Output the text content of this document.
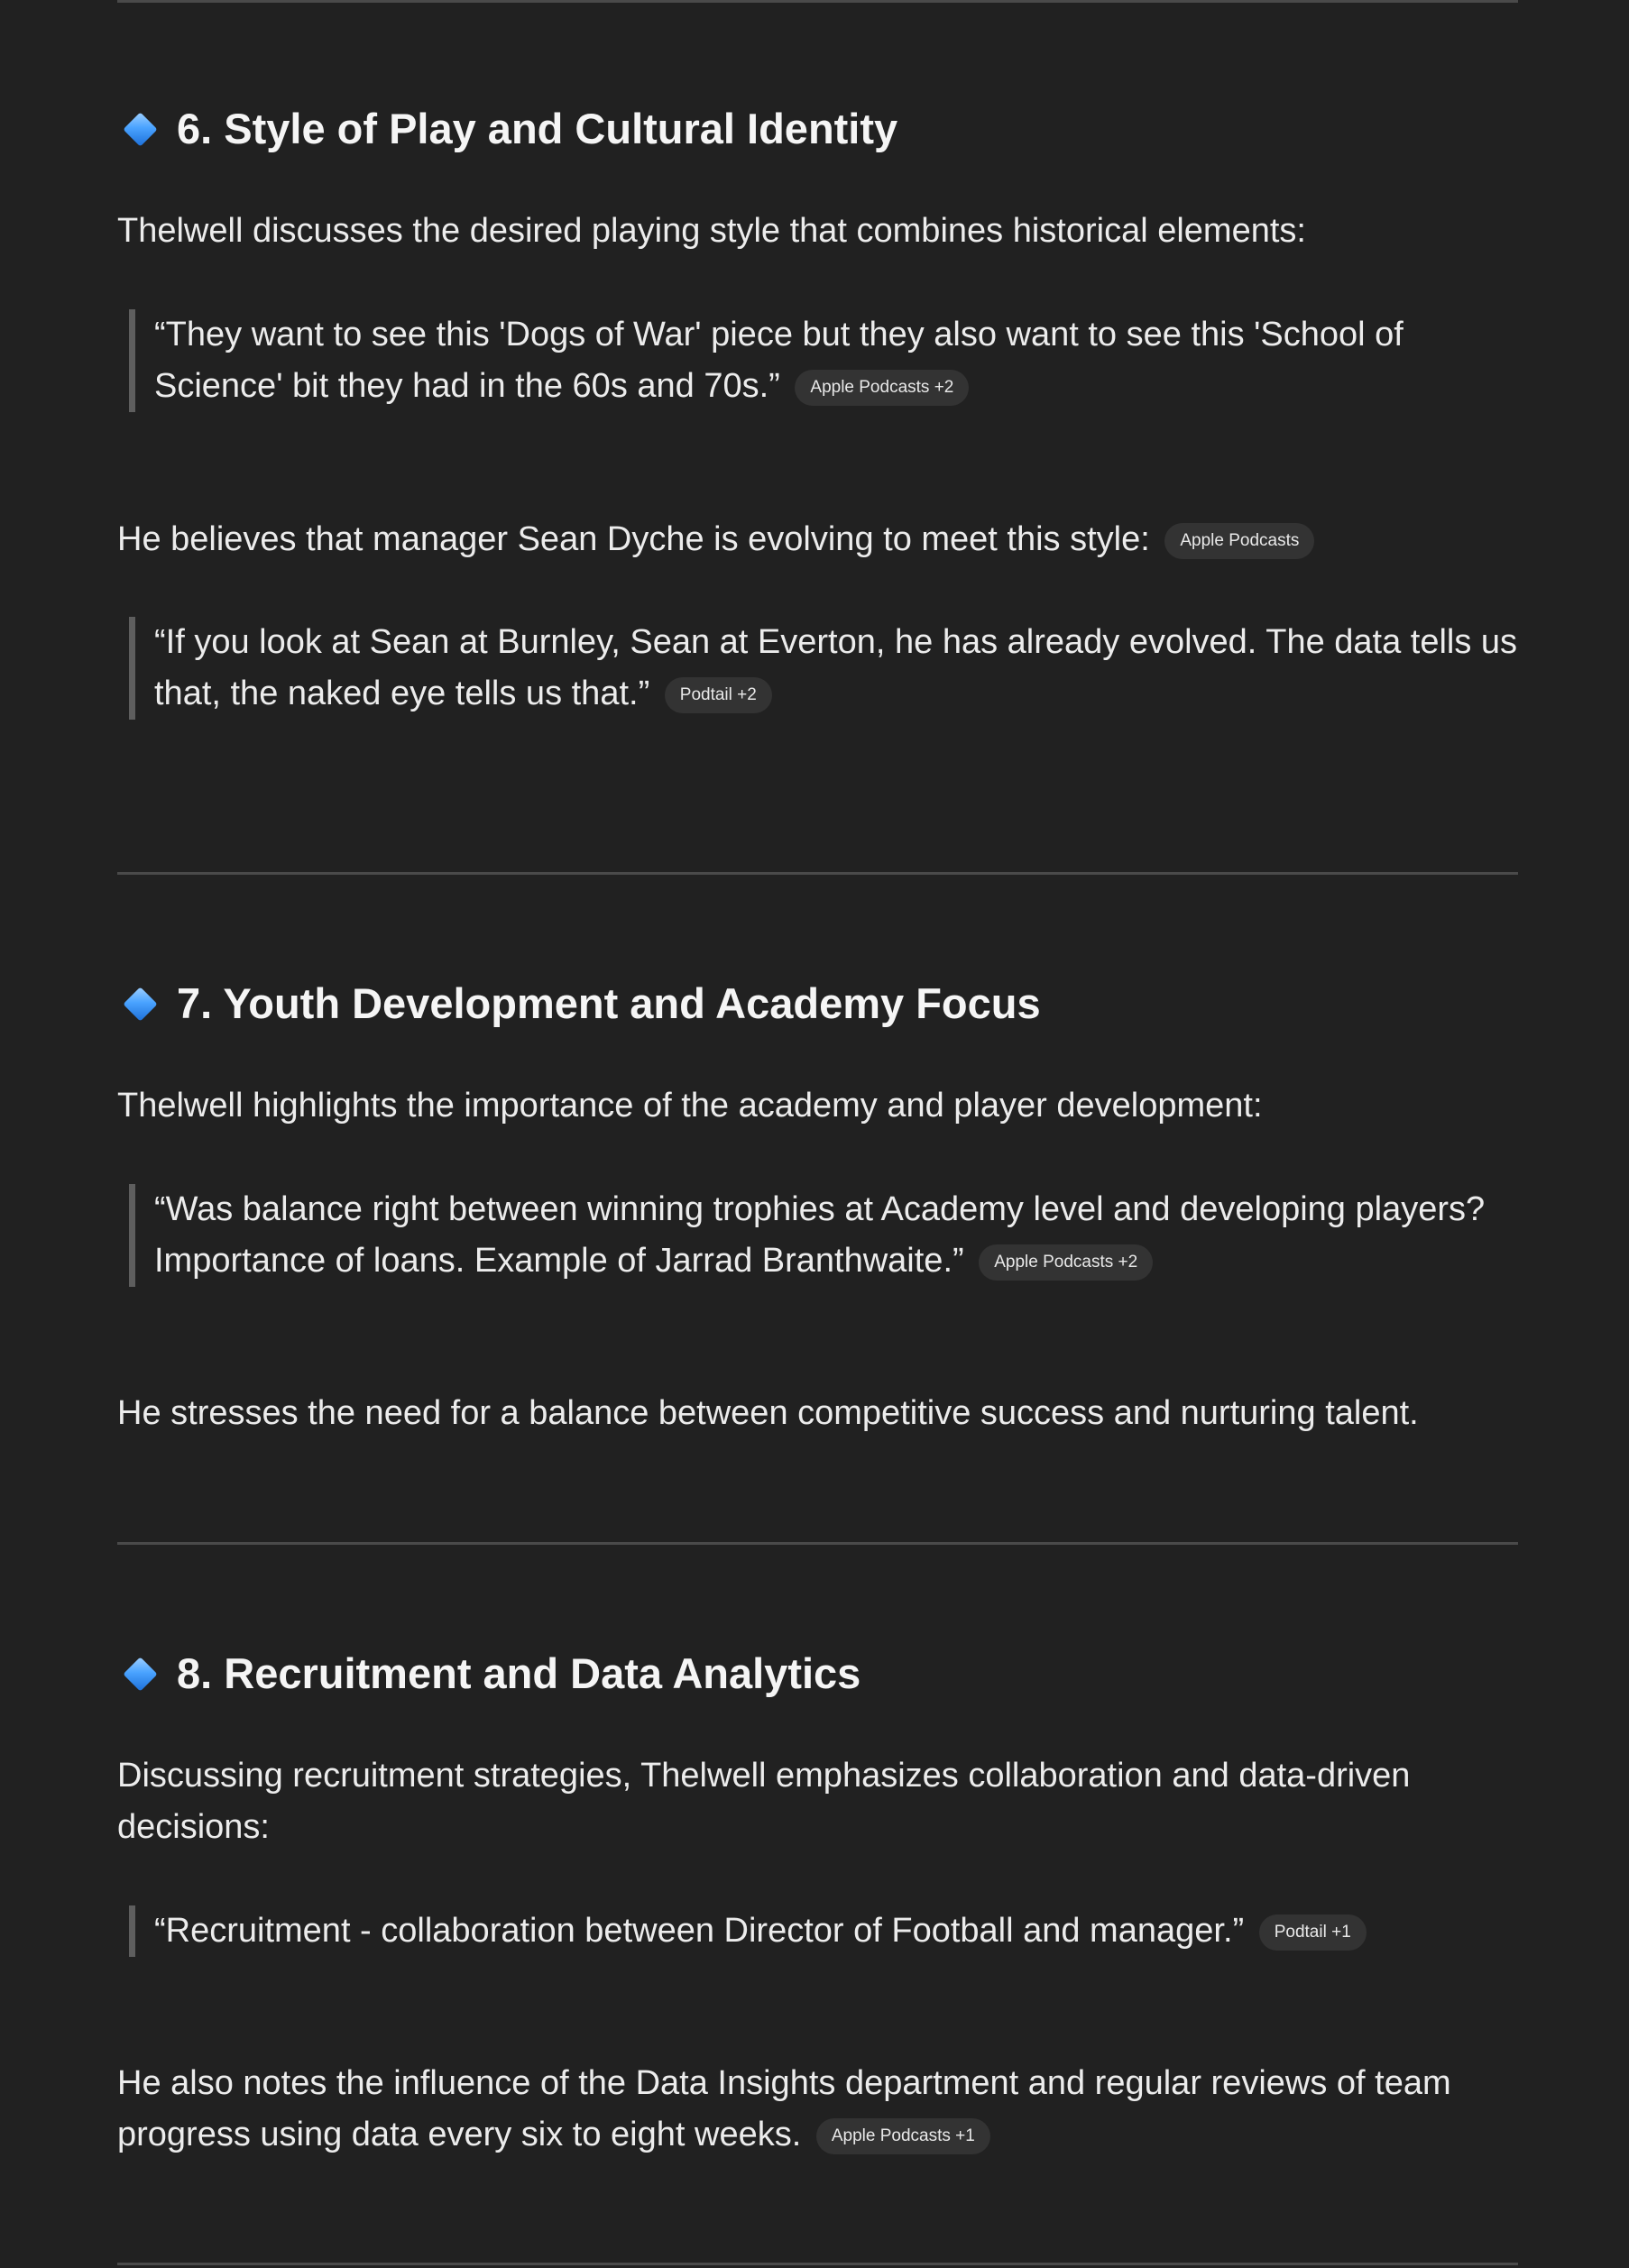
6. Style of Play and Cultural Identity

Thelwell discusses the desired playing style that combines historical elements:

“They want to see this 'Dogs of War' piece but they also want to see this 'School of Science' bit they had in the 60s and 70s.” Apple Podcasts +2

He believes that manager Sean Dyche is evolving to meet this style: Apple Podcasts

“If you look at Sean at Burnley, Sean at Everton, he has already evolved. The data tells us that, the naked eye tells us that.” Podtail +2
7. Youth Development and Academy Focus

Thelwell highlights the importance of the academy and player development:

“Was balance right between winning trophies at Academy level and developing players? Importance of loans. Example of Jarrad Branthwaite.” Apple Podcasts +2

He stresses the need for a balance between competitive success and nurturing talent.

8. Recruitment and Data Analytics

Discussing recruitment strategies, Thelwell emphasizes collaboration and data-driven decisions:

“Recruitment - collaboration between Director of Football and manager.” Podtail +1

He also notes the influence of the Data Insights department and regular reviews of team progress using data every six to eight weeks. Apple Podcasts +1
